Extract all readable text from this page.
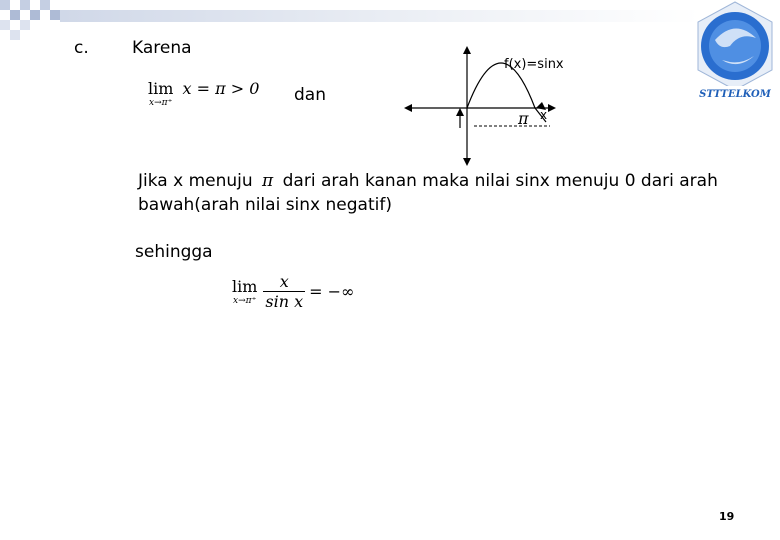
STTTELKOM
c.	Karena
lim
x→π⁺
x = π > 0 dan
f(x)=sinx
π x
Jika x menuju π dari arah kanan maka nilai sinx menuju 0 dari arah
bawah(arah nilai sinx negatif)
sehingga
lim
$x\to\pi^+ \frac{x}{\text{sin x}}$ = −∞
19
